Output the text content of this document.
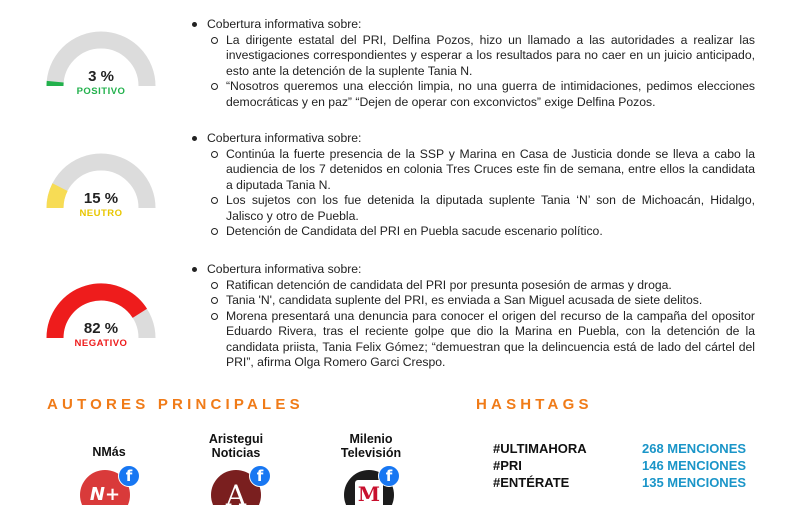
3 %
POSITIVO
15 %
NEUTRO
82 %
NEGATIVO
Cobertura informativa sobre:
La dirigente estatal del PRI, Delfina Pozos, hizo un llamado a las autoridades a realizar las investigaciones correspondientes y esperar a los resultados para no caer en un juicio anticipado, esto ante la detención de la suplente Tania N.
“Nosotros queremos una elección limpia, no una guerra de intimidaciones, pedimos elecciones democráticas y en paz” “Dejen de operar con exconvictos” exige Delfina Pozos.
Cobertura informativa sobre:
Continúa la fuerte presencia de la SSP y Marina en Casa de Justicia donde se lleva a cabo la audiencia de los 7 detenidos en colonia Tres Cruces este fin de semana, entre ellos la candidata a diputada Tania N.
Los sujetos con los fue detenida la diputada suplente Tania ‘N’ son de Michoacán, Hidalgo, Jalisco y otro de Puebla.
Detención de Candidata del PRI en Puebla sacude escenario político.
Cobertura informativa sobre:
Ratifican detención de candidata del PRI por presunta posesión de armas y droga.
Tania 'N', candidata suplente del PRI, es enviada a San Miguel acusada de siete delitos.
Morena presentará una denuncia para conocer el origen del recurso de la campaña del opositor Eduardo Rivera, tras el reciente golpe que dio la Marina en Puebla, con la detención de la candidata priista, Tania Felix Gómez; “demuestran que la delincuencia está de lado del cártel del PRI”, afirma Olga Romero Garci Crespo.
AUTORES PRINCIPALES	HASHTAGS
NMás
N+
f
Aristegui
Noticias
A
f
Milenio
Televisión
M
f
#ULTIMAHORA	268 MENCIONES
#PRI	146 MENCIONES
#ENTÉRATE	135 MENCIONES
